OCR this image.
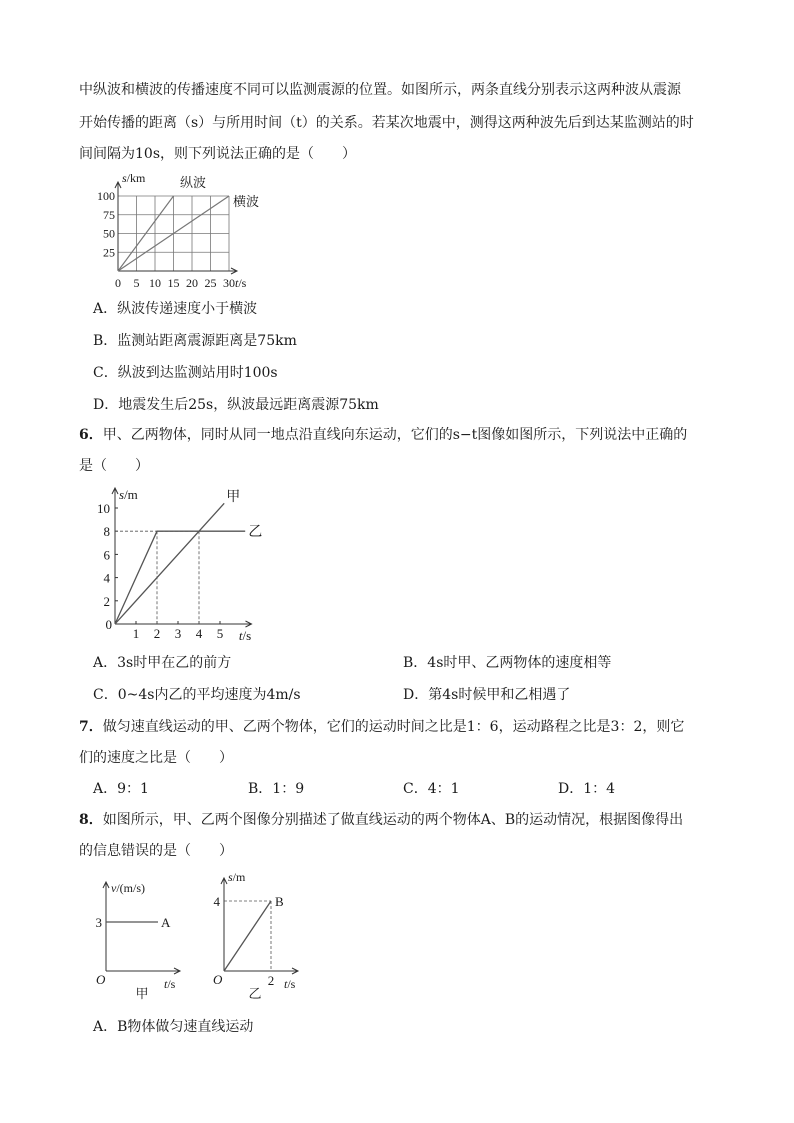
中纵波和横波的传播速度不同可以监测震源的位置。如图所示，两条直线分别表示这两种波从震源
开始传播的距离（s）与所用时间（t）的关系。若某次地震中，测得这两种波先后到达某监测站的时
间间隔为10s，则下列说法正确的是（　　）
s/km
t/s
0 5 10 15 20 25 30
25
50
75
100
纵波
横波
A．纵波传递速度小于横波
B．监测站距离震源距离是75km
C．纵波到达监测站用时100s
D．地震发生后25s，纵波最远距离震源75km
6．甲、乙两物体，同时从同一地点沿直线向东运动，它们的s−t图像如图所示，下列说法中正确的
是（　　）
s/m
t/s
0
1 2 3 4 5
2
4
6
8
10
甲
乙
A．3s时甲在乙的前方	B．4s时甲、乙两物体的速度相等
C．0~4s内乙的平均速度为4m/s	D．第4s时候甲和乙相遇了
7．做匀速直线运动的甲、乙两个物体，它们的运动时间之比是1：6，运动路程之比是3：2，则它
们的速度之比是（　　）
A．9：1	B．1：9	C．4：1	D．1：4
8．如图所示，甲、乙两个图像分别描述了做直线运动的两个物体A、B的运动情况，根据图像得出
的信息错误的是（　　）
v/(m/s)
t/s
O
3	A
甲
s/m
t/s
O
4
2
B
乙
A．B物体做匀速直线运动
